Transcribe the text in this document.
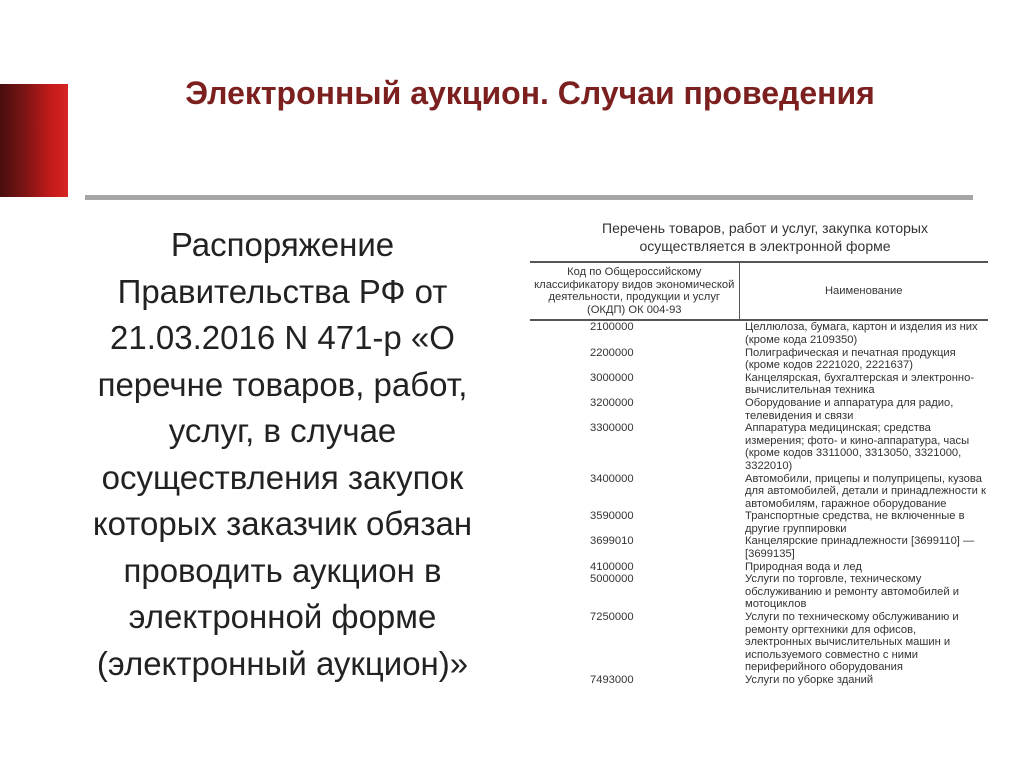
Электронный аукцион. Случаи проведения
Распоряжение Правительства РФ от 21.03.2016 N 471-р «О перечне товаров, работ, услуг, в случае осуществления закупок которых заказчик обязан проводить аукцион в электронной форме (электронный аукцион)»
Перечень товаров, работ и услуг, закупка которых осуществляется в электронной форме
Код по Общероссийскому классификатору видов экономической деятельности, продукции и услуг (ОКДП) ОК 004-93	Наименование
2100000	Целлюлоза, бумага, картон и изделия из них (кроме кода 2109350)
2200000	Полиграфическая и печатная продукция (кроме кодов 2221020, 2221637)
3000000	Канцелярская, бухгалтерская и электронно-вычислительная техника
3200000	Оборудование и аппаратура для радио, телевидения и связи
3300000	Аппаратура медицинская; средства измерения; фото- и кино-аппаратура, часы (кроме кодов 3311000, 3313050, 3321000, 3322010)
3400000	Автомобили, прицепы и полуприцепы, кузова для автомобилей, детали и принадлежности к автомобилям, гаражное оборудование
3590000	Транспортные средства, не включенные в другие группировки
3699010	Канцелярские принадлежности [3699110] — [3699135]
4100000	Природная вода и лед
5000000	Услуги по торговле, техническому обслуживанию и ремонту автомобилей и мотоциклов
7250000	Услуги по техническому обслуживанию и ремонту оргтехники для офисов, электронных вычислительных машин и используемого совместно с ними периферийного оборудования
7493000	Услуги по уборке зданий
